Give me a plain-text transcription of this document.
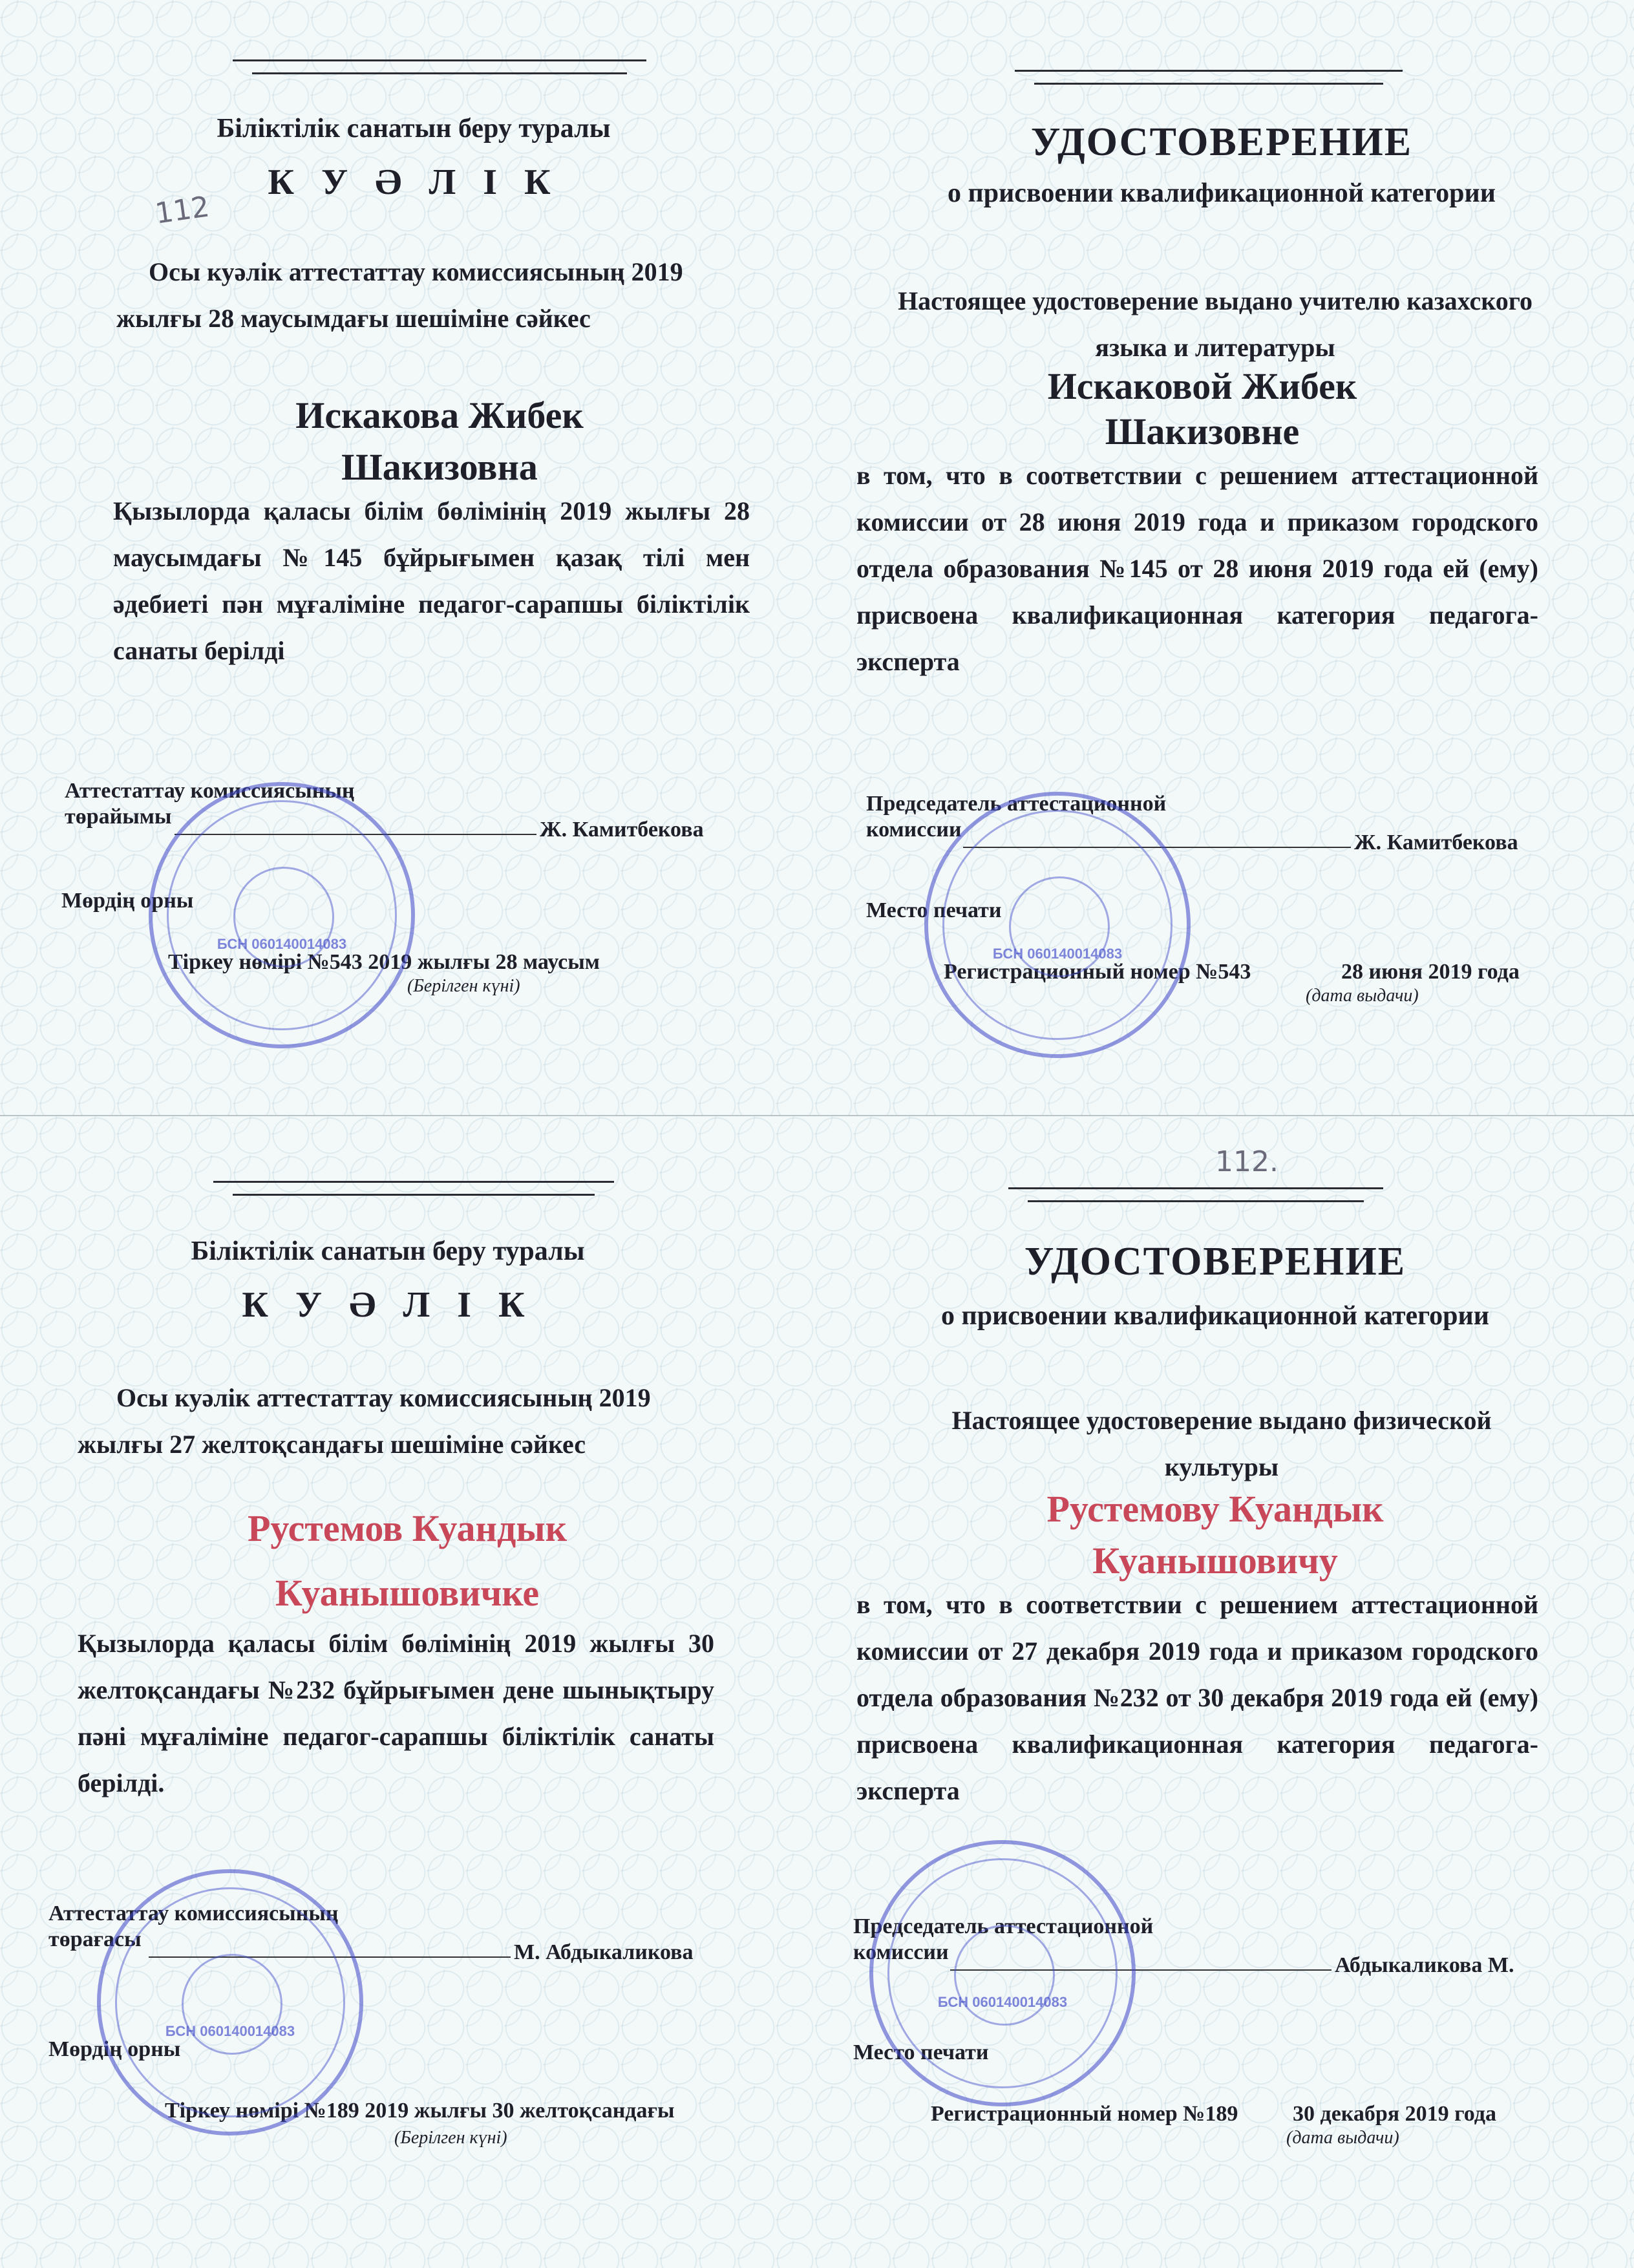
112
Біліктілік санатын беру туралы
К У Ә Л І К
Осы куәлік аттестаттау комиссиясының 2019 жылғы 28 маусымдағы шешіміне сәйкес
Искакова Жибек
Шакизовна
Қызылорда қаласы білім бөлімінің 2019 жылғы 28 маусымдағы №145 бұйрығымен қазақ тілі мен әдебиеті пән мұғаліміне педагог-сарапшы біліктілік санаты берілді
Аттестаттау комиссиясының
төрайымы
Ж. Камитбекова
Мөрдің орны
Тіркеу нөмірі №543 2019 жылғы 28 маусым
(Берілген күні)
БСН 060140014083
УДОСТОВЕРЕНИЕ
о присвоении квалификационной категории
Настоящее удостоверение выдано учителю казахского языка и литературы
Искаковой Жибек
Шакизовне
в том, что в соответствии с решением аттестационной комиссии от 28 июня 2019 года и приказом городского отдела образования №145 от 28 июня 2019 года ей (ему) присвоена квалификационная категория педагога-эксперта
Председатель аттестационной
комиссии
Ж. Камитбекова
Место печати
Регистрационный номер №543	28 июня 2019 года
(дата выдачи)
БСН 060140014083
112.
Біліктілік санатын беру туралы
К У Ә Л І К
Осы куәлік аттестаттау комиссиясының 2019 жылғы 27 желтоқсандағы шешіміне сәйкес
Рустемов Куандык
Куанышовичке
Қызылорда қаласы білім бөлімінің 2019 жылғы 30 желтоқсандағы №232 бұйрығымен дене шынықтыру пәні мұғаліміне педагог-сарапшы біліктілік санаты берілді.
Аттестаттау комиссиясының
төрағасы
М. Абдыкаликова
Мөрдің орны
Тіркеу нөмірі №189 2019 жылғы 30 желтоқсандағы
(Берілген күні)
БСН 060140014083
УДОСТОВЕРЕНИЕ
о присвоении квалификационной категории
Настоящее удостоверение выдано физической культуры
Рустемову Куандык
Куанышовичу
в том, что в соответствии с решением аттестационной комиссии от 27 декабря 2019 года и приказом городского отдела образования №232 от 30 декабря 2019 года ей (ему) присвоена квалификационная категория педагога-эксперта
Председатель аттестационной
комиссии
Абдыкаликова М.
Место печати
Регистрационный номер №189 30 декабря 2019 года
(дата выдачи)
БСН 060140014083
